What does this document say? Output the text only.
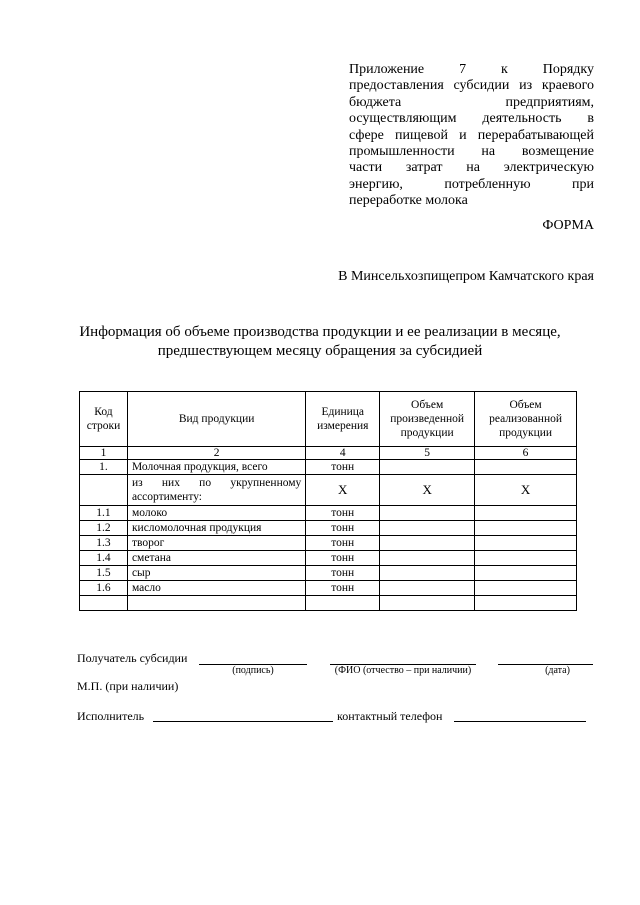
Приложение 7 к Порядку
предоставления субсидии из краевого
бюджета предприятиям,
осуществляющим деятельность в
сфере пищевой и перерабатывающей
промышленности на возмещение
части затрат на электрическую
энергию, потребленную при
переработке молока
ФОРМА
В Минсельхозпищепром Камчатского края
Информация об объеме производства продукции и ее реализации в месяце,
предшествующем месяцу обращения за субсидией
Код строки	Вид продукции	Единица измерения	Объем произведенной продукции	Объем реализованной продукции
1	2	4	5	6
1.	Молочная продукция, всего	тонн		
	из них по укрупненному ассортименту:	X	X	X
1.1	молоко	тонн		
1.2	кисломолочная продукция	тонн		
1.3	творог	тонн		
1.4	сметана	тонн		
1.5	сыр	тонн		
1.6	масло	тонн		

Получатель субсидии
(подпись)	(ФИО (отчество – при наличии)	(дата)
М.П. (при наличии)
Исполнитель	контактный телефон
